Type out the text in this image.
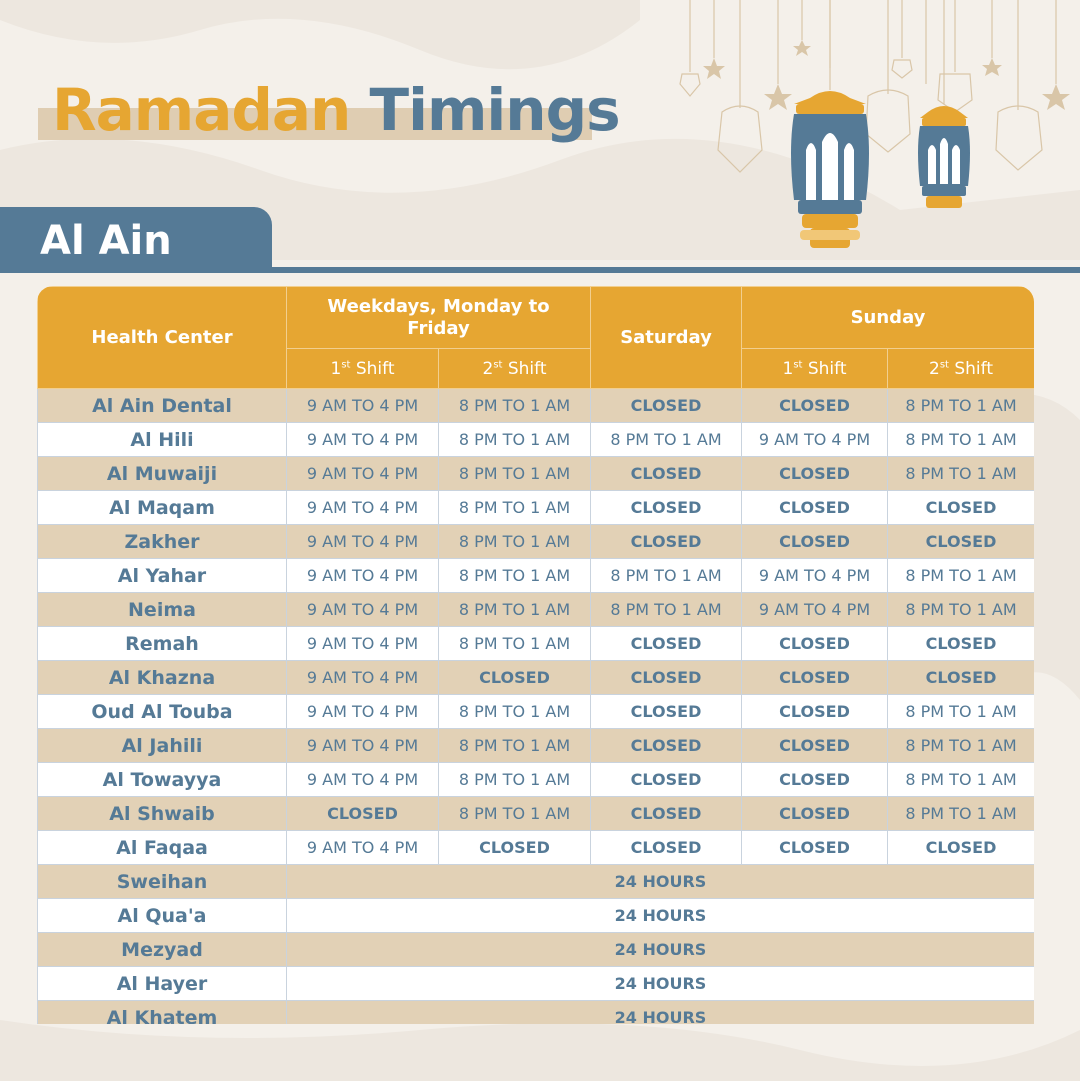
Ramadan Timings
Al Ain
Health Center	Weekdays, Monday to Friday		Saturday	Sunday	
	1st Shift	2st Shift		1st Shift	2st Shift
Al Ain Dental	9 AM TO 4 PM	8 PM TO 1 AM	CLOSED	CLOSED	8 PM TO 1 AM
Al Hili	9 AM TO 4 PM	8 PM TO 1 AM	8 PM TO 1 AM	9 AM TO 4 PM	8 PM TO 1 AM
Al Muwaiji	9 AM TO 4 PM	8 PM TO 1 AM	CLOSED	CLOSED	8 PM TO 1 AM
Al Maqam	9 AM TO 4 PM	8 PM TO 1 AM	CLOSED	CLOSED	CLOSED
Zakher	9 AM TO 4 PM	8 PM TO 1 AM	CLOSED	CLOSED	CLOSED
Al Yahar	9 AM TO 4 PM	8 PM TO 1 AM	8 PM TO 1 AM	9 AM TO 4 PM	8 PM TO 1 AM
Neima	9 AM TO 4 PM	8 PM TO 1 AM	8 PM TO 1 AM	9 AM TO 4 PM	8 PM TO 1 AM
Remah	9 AM TO 4 PM	8 PM TO 1 AM	CLOSED	CLOSED	CLOSED
Al Khazna	9 AM TO 4 PM	CLOSED	CLOSED	CLOSED	CLOSED
Oud Al Touba	9 AM TO 4 PM	8 PM TO 1 AM	CLOSED	CLOSED	8 PM TO 1 AM
Al Jahili	9 AM TO 4 PM	8 PM TO 1 AM	CLOSED	CLOSED	8 PM TO 1 AM
Al Towayya	9 AM TO 4 PM	8 PM TO 1 AM	CLOSED	CLOSED	8 PM TO 1 AM
Al Shwaib	CLOSED	8 PM TO 1 AM	CLOSED	CLOSED	8 PM TO 1 AM
Al Faqaa	9 AM TO 4 PM	CLOSED	CLOSED	CLOSED	CLOSED
Sweihan	24 HOURS				
Al Qua'a	24 HOURS				
Mezyad	24 HOURS				
Al Hayer	24 HOURS				
Al Khatem	24 HOURS				
